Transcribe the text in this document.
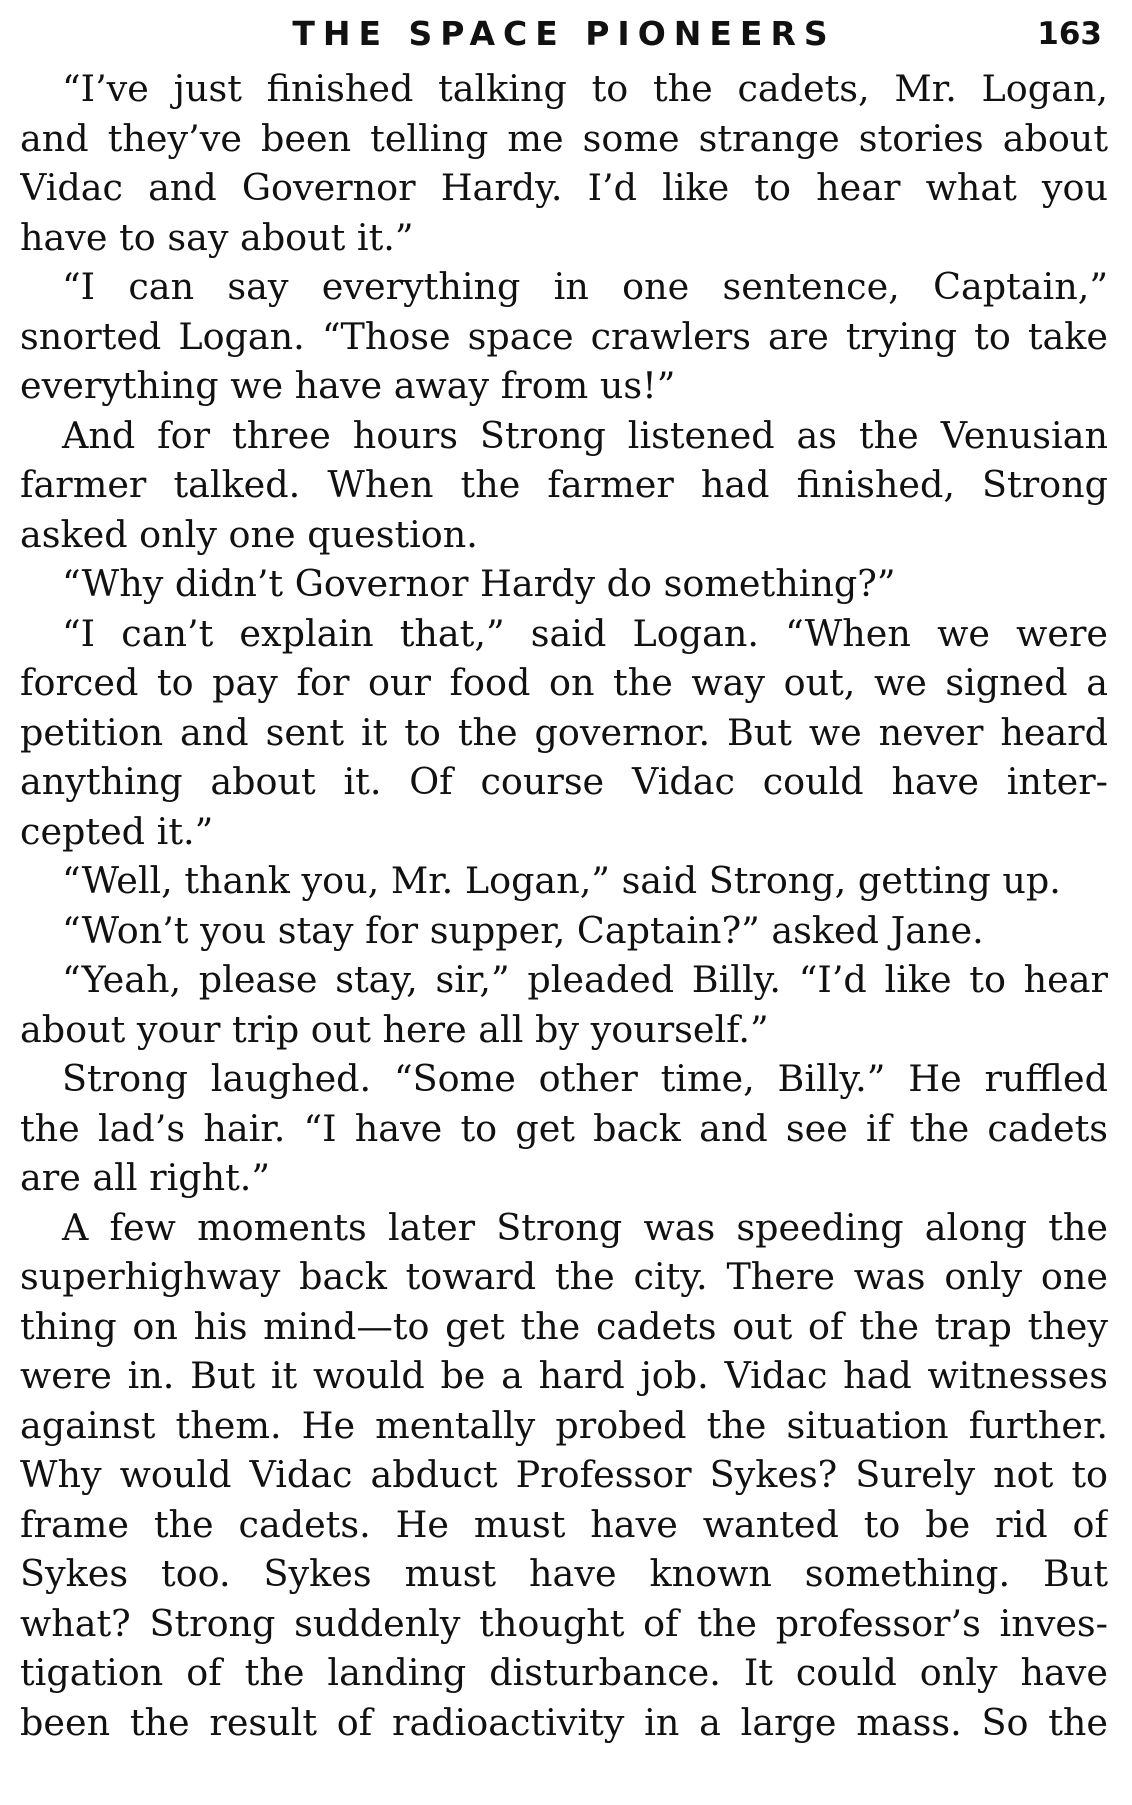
THE SPACE PIONEERS	163
“I’ve just finished talking to the cadets, Mr. Logan,
and they’ve been telling me some strange stories about
Vidac and Governor Hardy. I’d like to hear what you
have to say about it.”
“I can say everything in one sentence, Captain,”
snorted Logan. “Those space crawlers are trying to take
everything we have away from us!”
And for three hours Strong listened as the Venusian
farmer talked. When the farmer had finished, Strong
asked only one question.
“Why didn’t Governor Hardy do something?”
“I can’t explain that,” said Logan. “When we were
forced to pay for our food on the way out, we signed a
petition and sent it to the governor. But we never heard
anything about it. Of course Vidac could have inter-
cepted it.”
“Well, thank you, Mr. Logan,” said Strong, getting up.
“Won’t you stay for supper, Captain?” asked Jane.
“Yeah, please stay, sir,” pleaded Billy. “I’d like to hear
about your trip out here all by yourself.”
Strong laughed. “Some other time, Billy.” He ruffled
the lad’s hair. “I have to get back and see if the cadets
are all right.”
A few moments later Strong was speeding along the
superhighway back toward the city. There was only one
thing on his mind—to get the cadets out of the trap they
were in. But it would be a hard job. Vidac had witnesses
against them. He mentally probed the situation further.
Why would Vidac abduct Professor Sykes? Surely not to
frame the cadets. He must have wanted to be rid of
Sykes too. Sykes must have known something. But
what? Strong suddenly thought of the professor’s inves-
tigation of the landing disturbance. It could only have
been the result of radioactivity in a large mass. So the
